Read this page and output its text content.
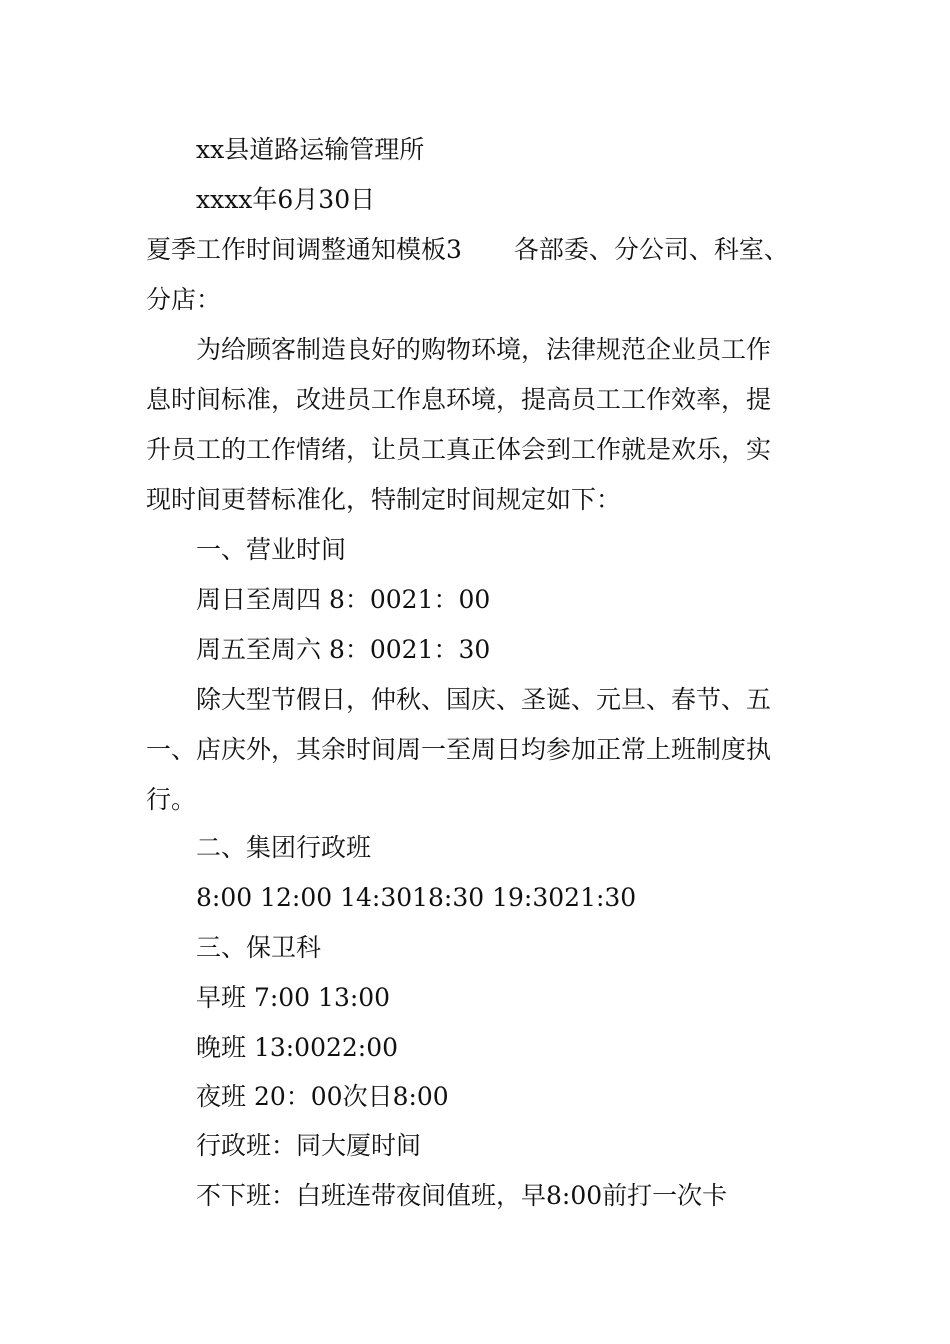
xx县道路运输管理所
xxxx年6月30日
夏季工作时间调整通知模板3 各部委、分公司、科室、
分店：
为给顾客制造良好的购物环境，法律规范企业员工作
息时间标准，改进员工作息环境，提高员工工作效率，提
升员工的工作情绪，让员工真正体会到工作就是欢乐，实
现时间更替标准化，特制定时间规定如下：
一、营业时间
周日至周四 8：0021：00
周五至周六 8：0021：30
除大型节假日，仲秋、国庆、圣诞、元旦、春节、五
一、店庆外，其余时间周一至周日均参加正常上班制度执
行。
二、集团行政班
8:00 12:00 14:3018:30 19:3021:30
三、保卫科
早班 7:00 13:00
晚班 13:0022:00
夜班 20：00次日8:00
行政班：同大厦时间
不下班：白班连带夜间值班，早8:00前打一次卡
